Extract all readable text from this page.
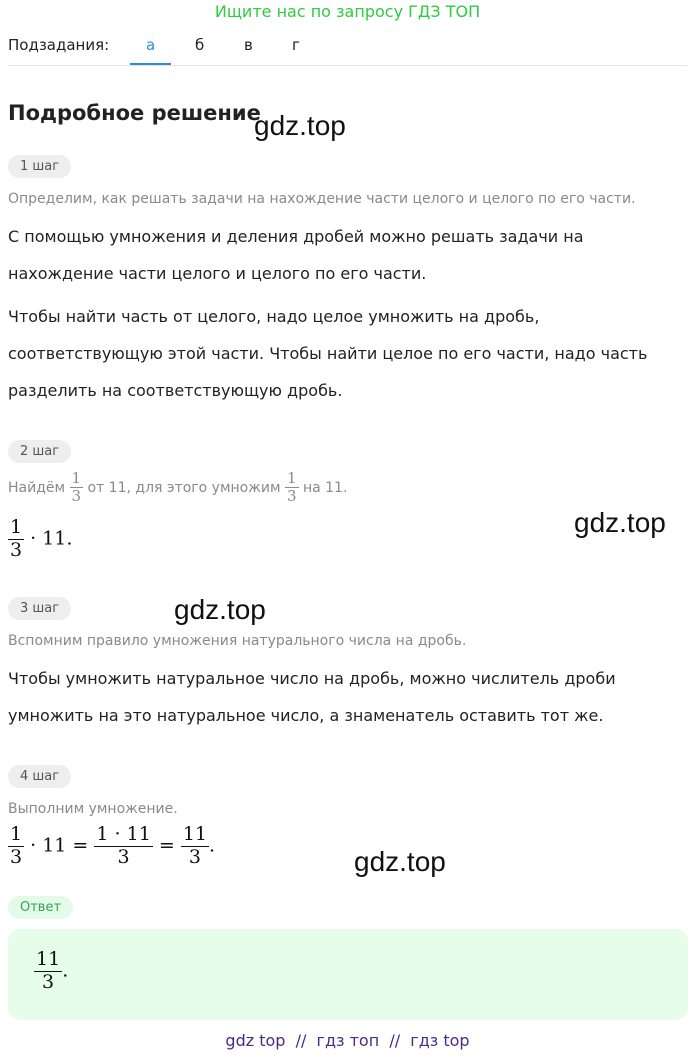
Ищите нас по запросу ГДЗ ТОП
Подзадания: а	б	в	г
Подробное решение
gdz.top
1 шаг
Определим, как решать задачи на нахождение части целого и целого по его части.
С помощью умножения и деления дробей можно решать задачи на нахождение части целого и целого по его части.
Чтобы найти часть от целого, надо целое умножить на дробь, соответствующую этой части. Чтобы найти целое по его части, надо часть разделить на соответствующую дробь.
2 шаг
Найдём $\frac{1}{3}$ от 11, для этого умножим $\frac{1}{3}$ на 11.
$\frac{1}{3} \cdot 11$.
gdz.top
3 шаг	gdz.top
Вспомним правило умножения натурального числа на дробь.
Чтобы умножить натуральное число на дробь, можно числитель дроби умножить на это натуральное число, а знаменатель оставить тот же.
4 шаг
Выполним умножение.
$\frac{1}{3} \cdot 11 = \frac{1 \cdot 11}{3} = \frac{11}{3}$ .
gdz.top
Ответ
$\frac{11}{3}$ .
gdz top  //  гдз топ  //  гдз top
